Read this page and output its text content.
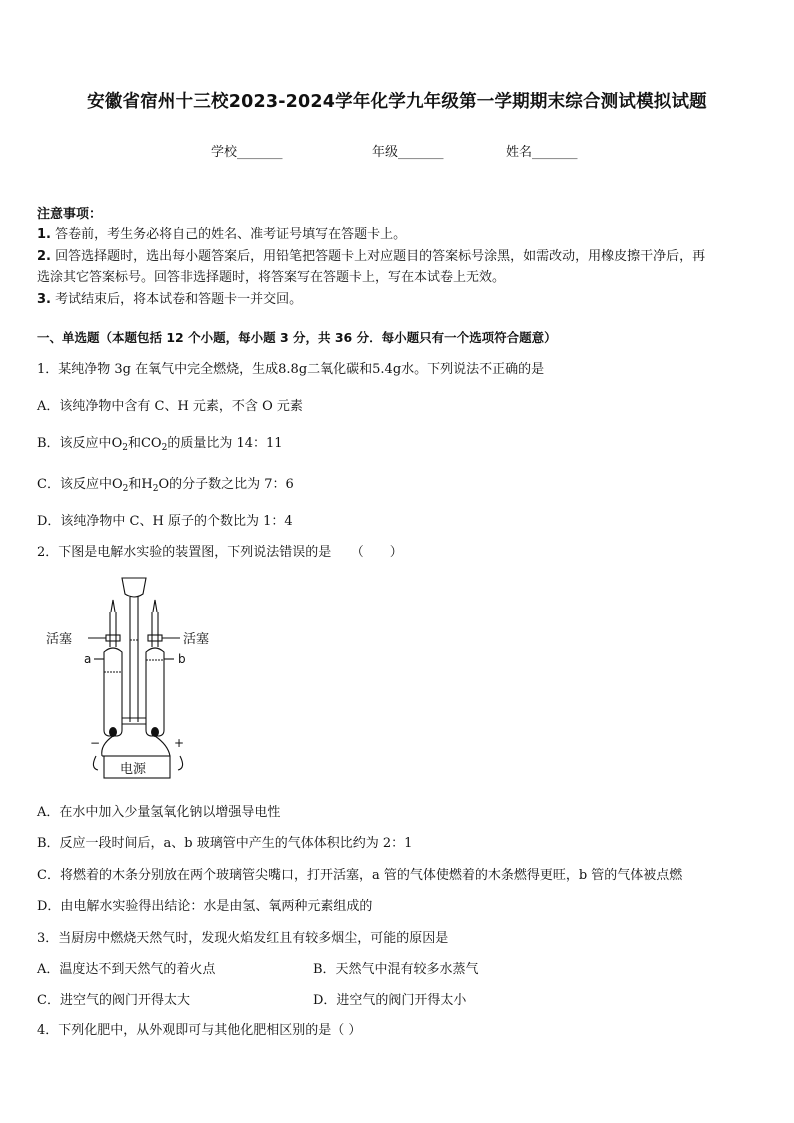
安徽省宿州十三校2023-2024学年化学九年级第一学期期末综合测试模拟试题
学校_______	年级_______	姓名_______
注意事项：
1. 答卷前，考生务必将自己的姓名、准考证号填写在答题卡上。
2. 回答选择题时，选出每小题答案后，用铅笔把答题卡上对应题目的答案标号涂黑，如需改动，用橡皮擦干净后，再
选涂其它答案标号。回答非选择题时，将答案写在答题卡上，写在本试卷上无效。
3. 考试结束后，将本试卷和答题卡一并交回。
一、单选题（本题包括 12 个小题，每小题 3 分，共 36 分．每小题只有一个选项符合题意）
1．某纯净物 3g 在氧气中完全燃烧，生成8.8g二氧化碳和5.4g水。下列说法不正确的是
A．该纯净物中含有 C、H 元素，不含 O 元素
B．该反应中$O_2$和$CO_2$的质量比为 14：11
C．该反应中$O_2$和$H_2O$的分子数之比为 7：6
D．该纯净物中 C、H 原子的个数比为 1：4
2．下图是电解水实验的装置图，下列说法错误的是　　（　　）
活塞	活塞
a	b
−	+
电源
A．在水中加入少量氢氧化钠以增强导电性
B．反应一段时间后，a、b 玻璃管中产生的气体体积比约为 2：1
C．将燃着的木条分别放在两个玻璃管尖嘴口，打开活塞，a 管的气体使燃着的木条燃得更旺，b 管的气体被点燃
D．由电解水实验得出结论：水是由氢、氧两种元素组成的
3．当厨房中燃烧天然气时，发现火焰发红且有较多烟尘，可能的原因是
A．温度达不到天然气的着火点	B．天然气中混有较多水蒸气
C．进空气的阀门开得太大	D．进空气的阀门开得太小
4．下列化肥中，从外观即可与其他化肥相区别的是（ ）
